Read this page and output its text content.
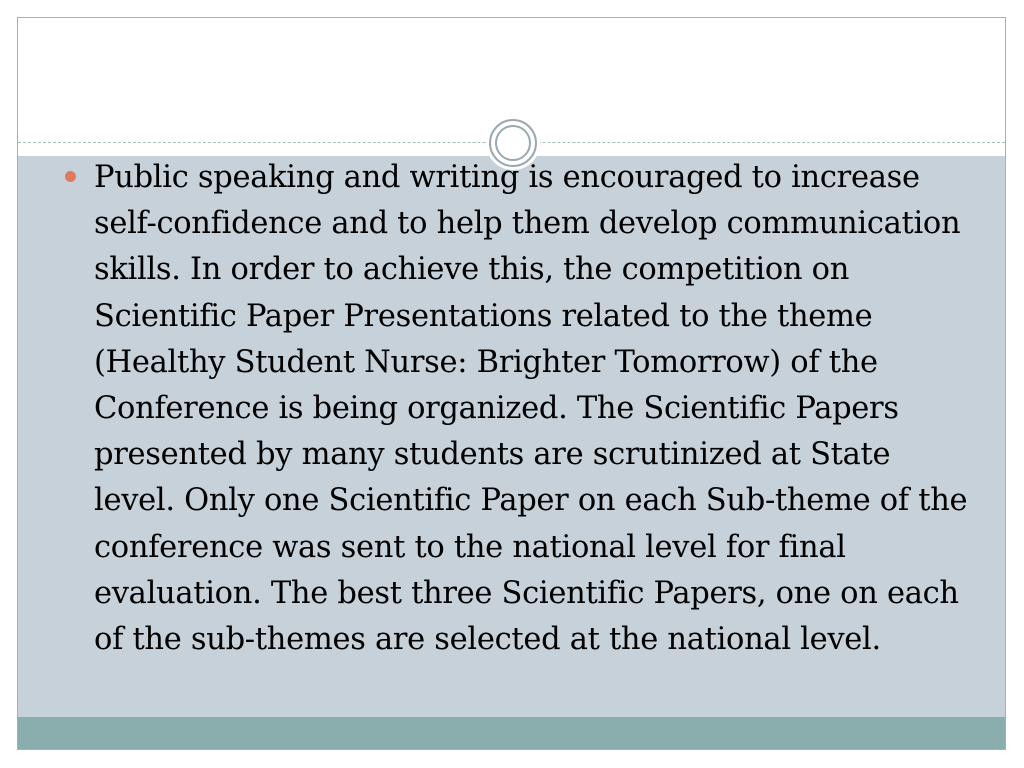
Public speaking and writing is encouraged to increase self-confidence and to help them develop communication skills. In order to achieve this, the competition on Scientific Paper Presentations related to the theme (Healthy Student Nurse: Brighter Tomorrow) of the Conference is being organized. The Scientific Papers presented by many students are scrutinized at State level. Only one Scientific Paper on each Sub-theme of the conference was sent to the national level for final evaluation. The best three Scientific Papers, one on each of the sub-themes are selected at the national level.
